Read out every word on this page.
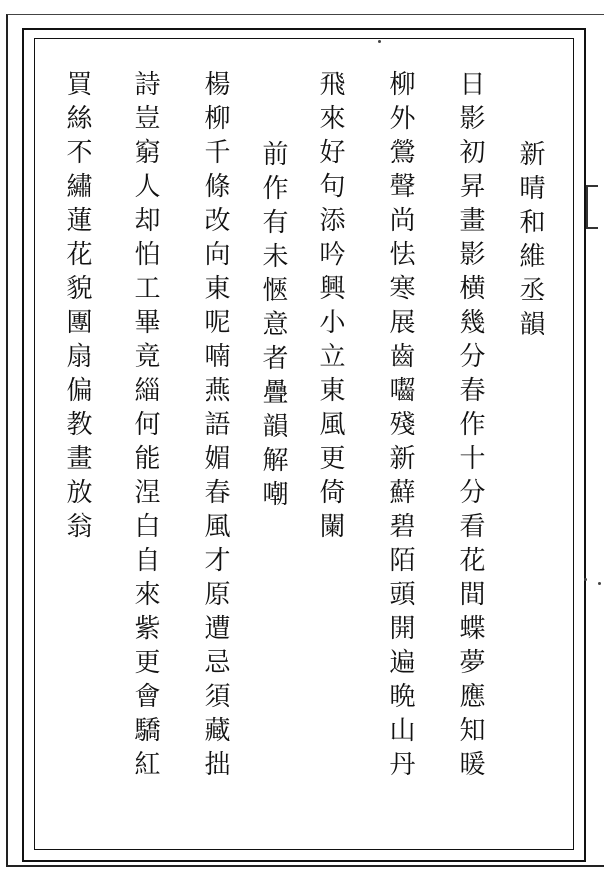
新晴和維丞韻
日影初昇畫影横幾分春作十分看花間蝶夢應知暖
柳外鶯聲尚怯寒展齒囓殘新蘚碧陌頭開遍晩山丹
飛來好句添吟興小立東風更倚闌
前作有未愜意者疊韻解嘲
楊柳千條改向東呢喃燕語媚春風才原遭忌須藏拙
詩豈窮人却怕工畢竟緇何能涅白自來紫更會驕紅
買絲不繡蓮花貌團扇偏教畫放翁
